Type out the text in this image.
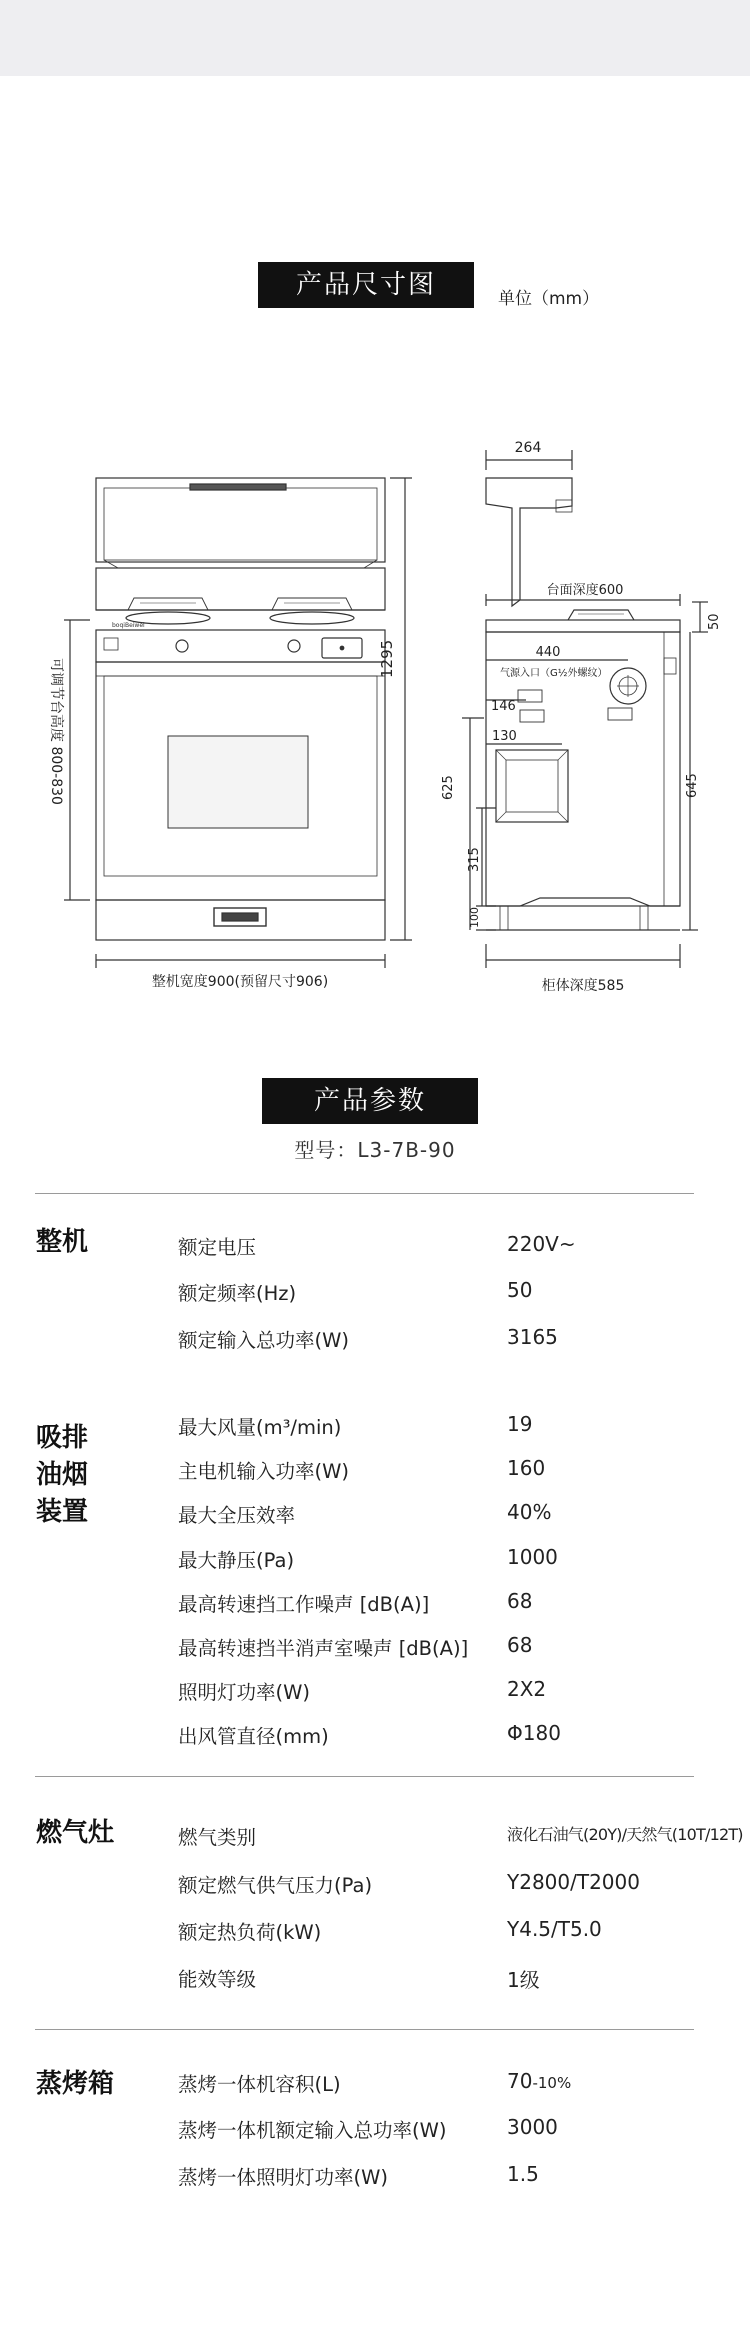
产品尺寸图	单位（mm）
boqiBeiwei
可调节台高度 800-830	1295
整机宽度900(预留尺寸906)
264
台面深度600
50
440
气源入口（G½外螺纹）
146
130
625
315
100
645
柜体深度585
产品参数
型号：L3-7B-90
整机	额定电压	220V~
额定频率(Hz)	50
额定输入总功率(W)	3165
吸排
油烟
装置
最大风量(m³/min)	19
主电机输入功率(W)	160
最大全压效率	40%
最大静压(Pa)	1000
最高转速挡工作噪声 [dB(A)]	68
最高转速挡半消声室噪声 [dB(A)] 68
照明灯功率(W)	2X2
出风管直径(mm)	Φ180
燃气灶	燃气类别	液化石油气(20Y)/天然气(10T/12T)
额定燃气供气压力(Pa)	Y2800/T2000
额定热负荷(kW)	Y4.5/T5.0
能效等级	1级
蒸烤箱	蒸烤一体机容积(L)	70-10%
蒸烤一体机额定输入总功率(W)	3000
蒸烤一体照明灯功率(W)	1.5
